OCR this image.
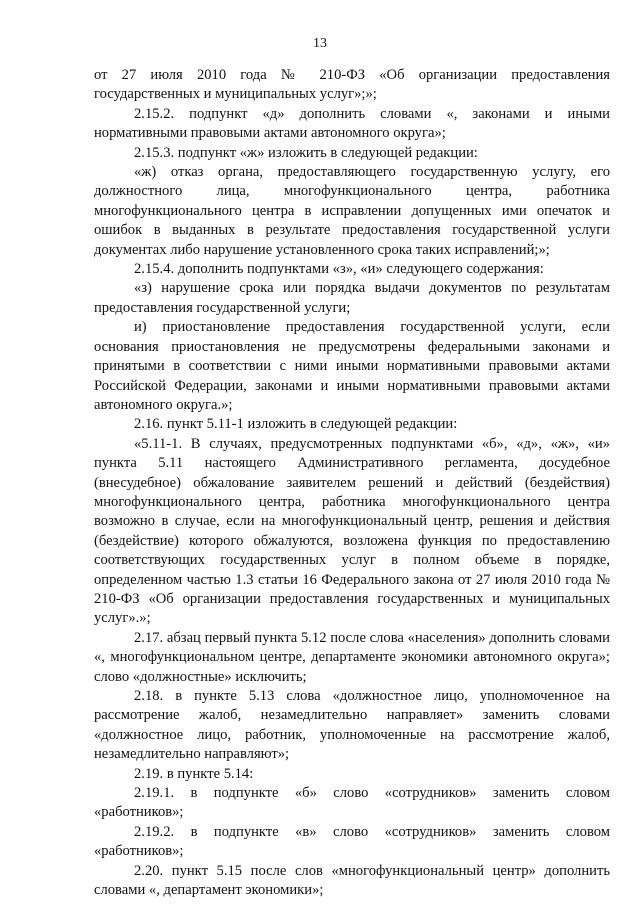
13

от 27 июля 2010 года № 210-ФЗ «Об организации предоставления государственных и муниципальных услуг»;»;

2.15.2. подпункт «д» дополнить словами «, законами и иными нормативными правовыми актами автономного округа»;

2.15.3. подпункт «ж» изложить в следующей редакции:

«ж) отказ органа, предоставляющего государственную услугу, его должностного лица, многофункционального центра, работника многофункционального центра в исправлении допущенных ими опечаток и ошибок в выданных в результате предоставления государственной услуги документах либо нарушение установленного срока таких исправлений;»;

2.15.4. дополнить подпунктами «з», «и» следующего содержания:

«з) нарушение срока или порядка выдачи документов по результатам предоставления государственной услуги;

и) приостановление предоставления государственной услуги, если основания приостановления не предусмотрены федеральными законами и принятыми в соответствии с ними иными нормативными правовыми актами Российской Федерации, законами и иными нормативными правовыми актами автономного округа.»;

2.16. пункт 5.11-1 изложить в следующей редакции:

«5.11-1. В случаях, предусмотренных подпунктами «б», «д», «ж», «и» пункта 5.11 настоящего Административного регламента, досудебное (внесудебное) обжалование заявителем решений и действий (бездействия) многофункционального центра, работника многофункционального центра возможно в случае, если на многофункциональный центр, решения и действия (бездействие) которого обжалуются, возложена функция по предоставлению соответствующих государственных услуг в полном объеме в порядке, определенном частью 1.3 статьи 16 Федерального закона от 27 июля 2010 года № 210-ФЗ «Об организации предоставления государственных и муниципальных услуг».»;

2.17. абзац первый пункта 5.12 после слова «населения» дополнить словами «, многофункциональном центре, департаменте экономики автономного округа»; слово «должностные» исключить;

2.18. в пункте 5.13 слова «должностное лицо, уполномоченное на рассмотрение жалоб, незамедлительно направляет» заменить словами «должностное лицо, работник, уполномоченные на рассмотрение жалоб, незамедлительно направляют»;

2.19. в пункте 5.14:

2.19.1. в подпункте «б» слово «сотрудников» заменить словом «работников»;

2.19.2. в подпункте «в» слово «сотрудников» заменить словом «работников»;

2.20. пункт 5.15 после слов «многофункциональный центр» дополнить словами «, департамент экономики»;
